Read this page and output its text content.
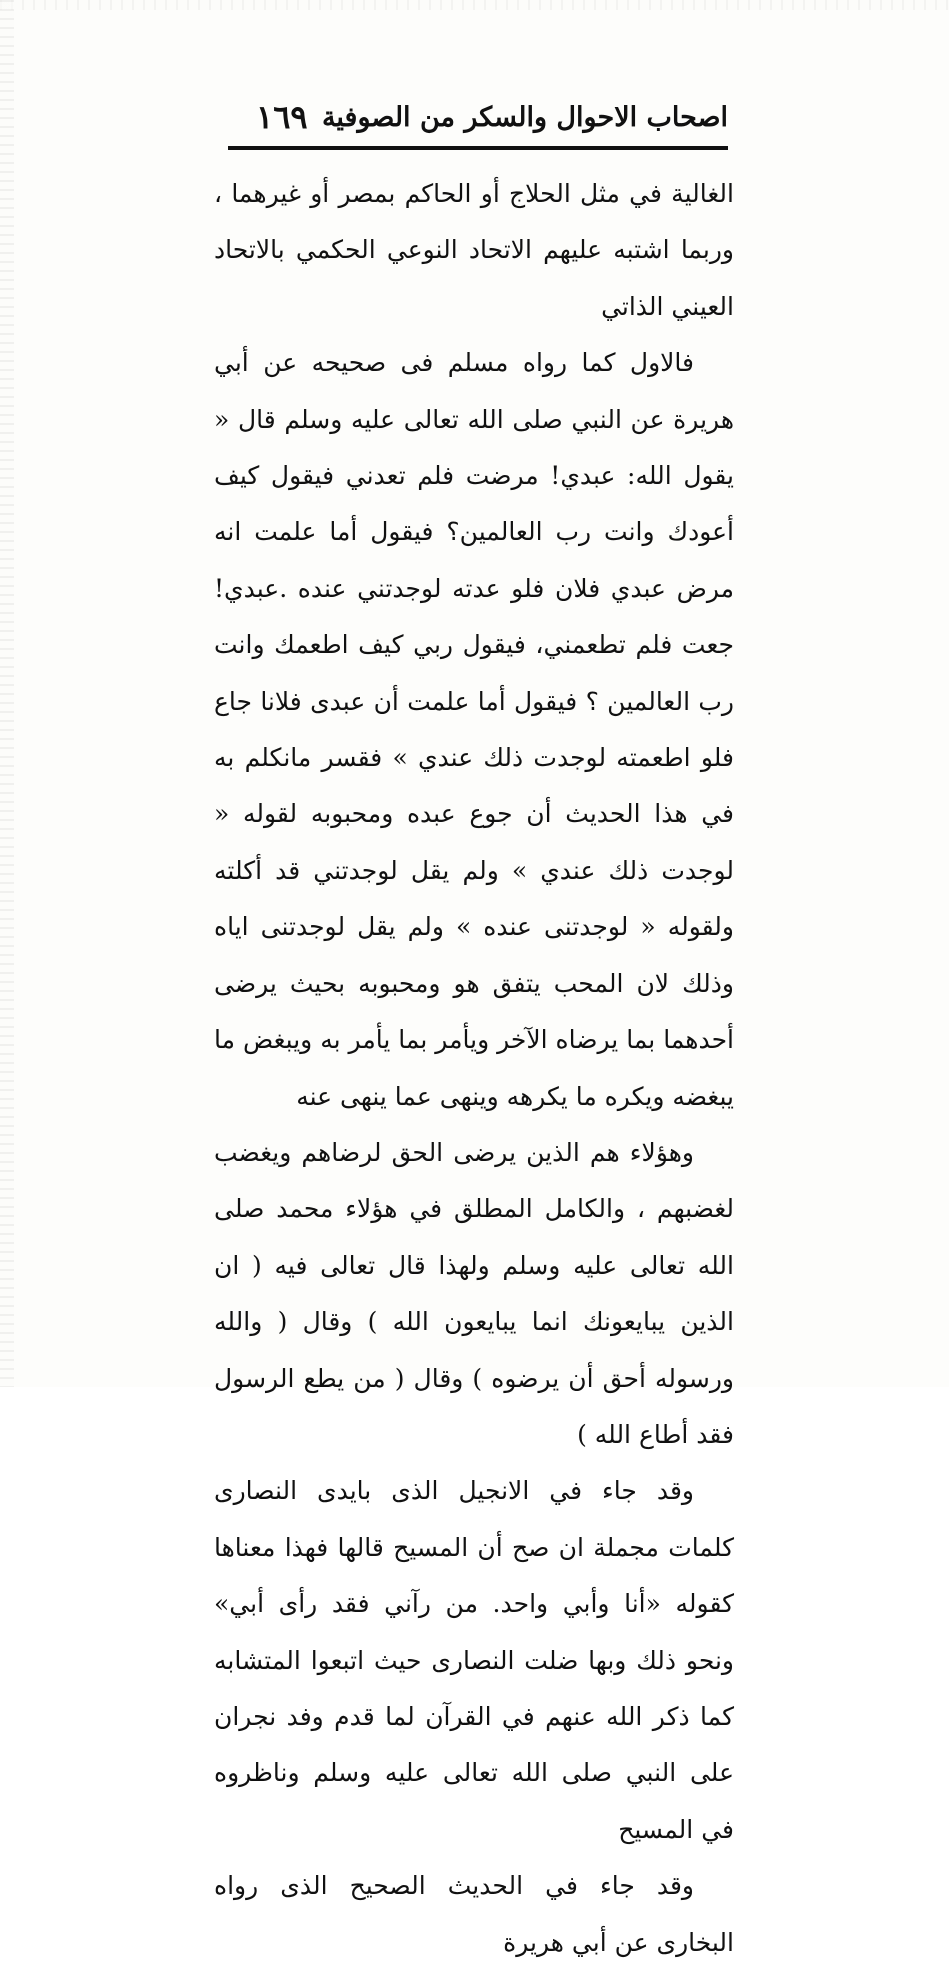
اصحاب الاحوال والسكر من الصوفية
١٦٩

الغالية في مثل الحلاج أو الحاكم بمصر أو غيرهما ، وربما اشتبه عليهم الاتحاد النوعي الحكمي بالاتحاد العيني الذاتي

فالاول كما رواه مسلم فى صحيحه عن أبي هريرة عن النبي صلى الله تعالى عليه وسلم قال « يقول الله: عبدي! مرضت فلم تعدني فيقول كيف أعودك وانت رب العالمين؟ فيقول أما علمت انه مرض عبدي فلان فلو عدته لوجدتني عنده .عبدي! جعت فلم تطعمني، فيقول ربي كيف اطعمك وانت رب العالمين ؟ فيقول أما علمت أن عبدى فلانا جاع فلو اطعمته لوجدت ذلك عندي » فقسر مانكلم به في هذا الحديث أن جوع عبده ومحبوبه لقوله « لوجدت ذلك عندي » ولم يقل لوجدتني قد أكلته ولقوله « لوجدتنى عنده » ولم يقل لوجدتنى اياه وذلك لان المحب يتفق هو ومحبوبه بحيث يرضى أحدهما بما يرضاه الآخر ويأمر بما يأمر به ويبغض ما يبغضه ويكره ما يكرهه وينهى عما ينهى عنه

وهؤلاء هم الذين يرضى الحق لرضاهم ويغضب لغضبهم ، والكامل المطلق في هؤلاء محمد صلى الله تعالى عليه وسلم ولهذا قال تعالى فيه ( ان الذين يبايعونك انما يبايعون الله ) وقال ( والله ورسوله أحق أن يرضوه ) وقال ( من يطع الرسول فقد أطاع الله )

وقد جاء في الانجيل الذى بايدى النصارى كلمات مجملة ان صح أن المسيح قالها فهذا معناها كقوله «أنا وأبي واحد. من رآني فقد رأى أبي» ونحو ذلك وبها ضلت النصارى حيث اتبعوا المتشابه كما ذكر الله عنهم في القرآن لما قدم وفد نجران على النبي صلى الله تعالى عليه وسلم وناظروه في المسيح

وقد جاء في الحديث الصحيح الذى رواه البخارى عن أبي هريرة
